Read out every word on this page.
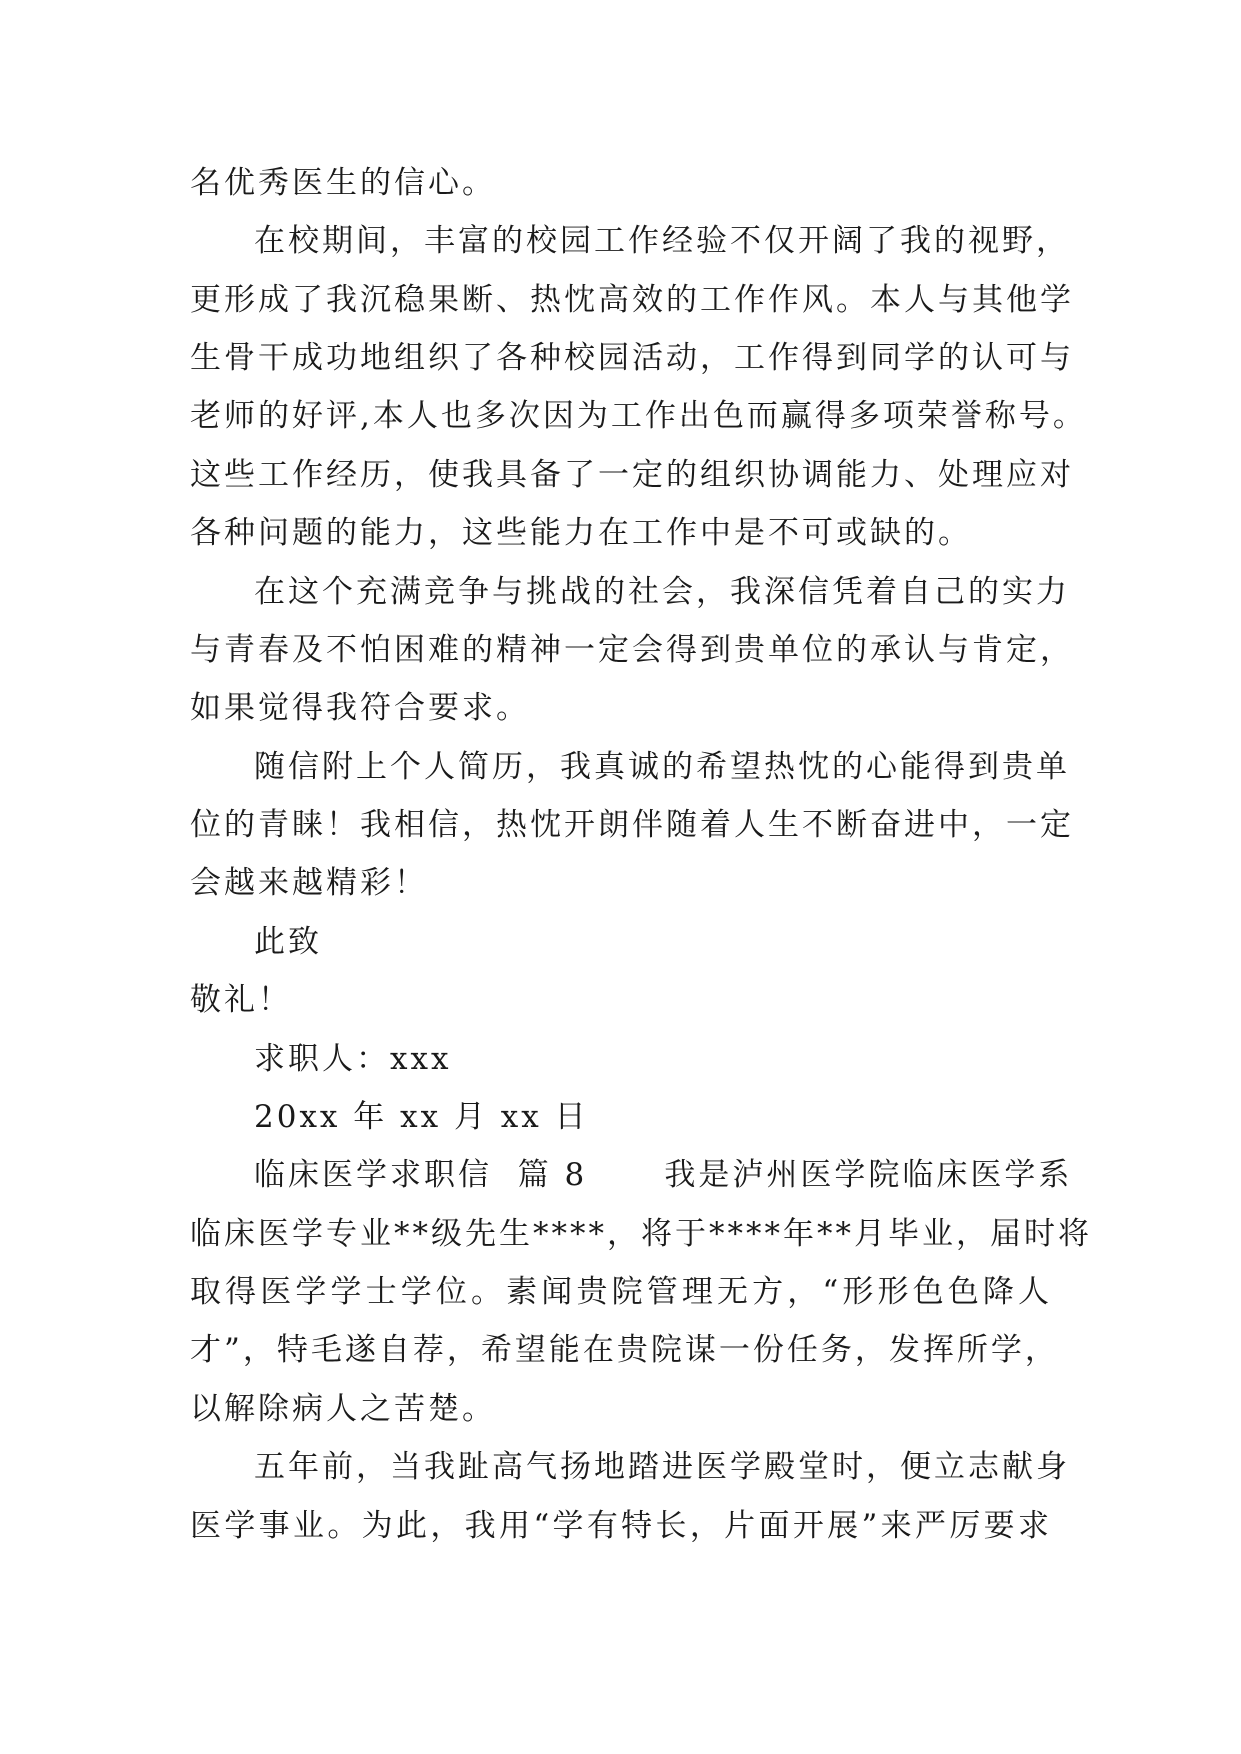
名优秀医生的信心。
在校期间，丰富的校园工作经验不仅开阔了我的视野，
更形成了我沉稳果断、热忱高效的工作作风。本人与其他学
生骨干成功地组织了各种校园活动，工作得到同学的认可与
老师的好评,本人也多次因为工作出色而赢得多项荣誉称号。
这些工作经历，使我具备了一定的组织协调能力、处理应对
各种问题的能力，这些能力在工作中是不可或缺的。
在这个充满竞争与挑战的社会，我深信凭着自己的实力
与青春及不怕困难的精神一定会得到贵单位的承认与肯定，
如果觉得我符合要求。
随信附上个人简历，我真诚的希望热忱的心能得到贵单
位的青睐！我相信，热忱开朗伴随着人生不断奋进中，一定
会越来越精彩！
此致
敬礼！
求职人：xxx
20xx 年 xx 月 xx 日
临床医学求职信  篇 8      我是泸州医学院临床医学系
临床医学专业**级先生****，将于****年**月毕业，届时将
取得医学学士学位。素闻贵院管理无方，“形形色色降人
才”，特毛遂自荐，希望能在贵院谋一份任务，发挥所学，
以解除病人之苦楚。
五年前，当我趾高气扬地踏进医学殿堂时，便立志献身
医学事业。为此，我用“学有特长，片面开展”来严厉要求
